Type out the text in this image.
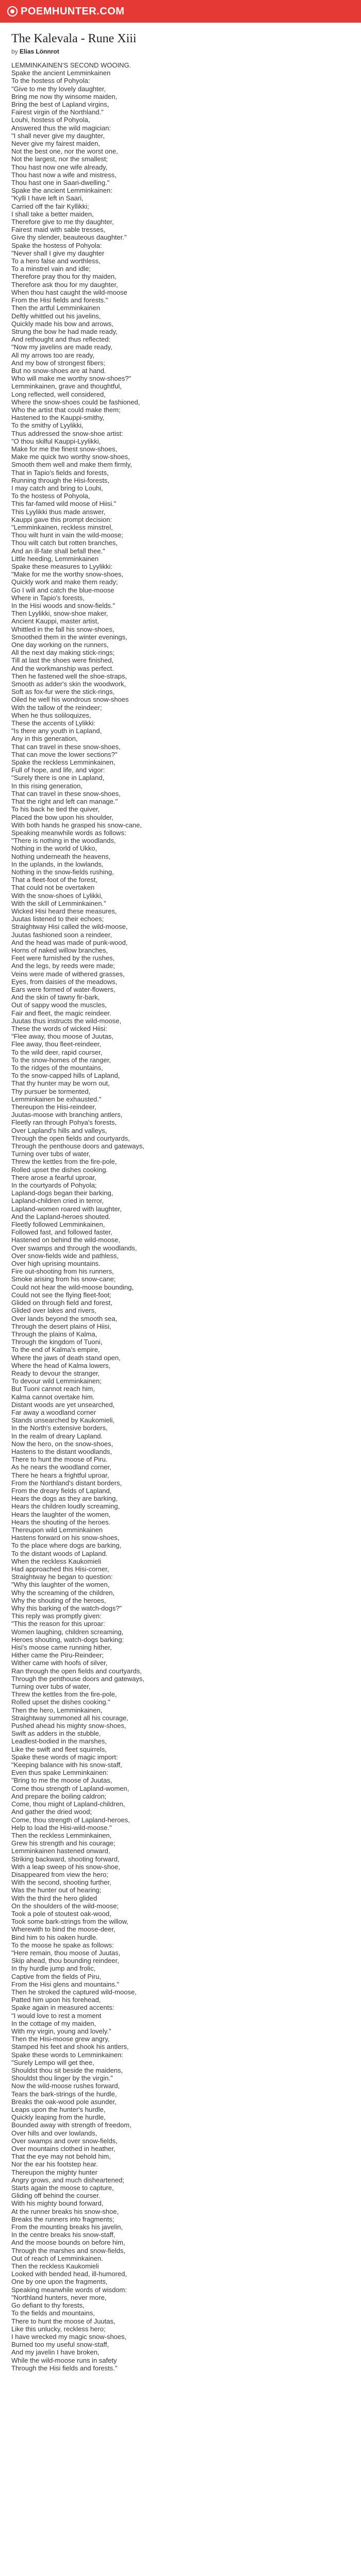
POEMHUNTER.COM
The Kalevala - Rune Xiii
by Elias Lönnrot

LEMMINKAINEN'S SECOND WOOING.
Spake the ancient Lemminkainen
To the hostess of Pohyola:
"Give to me thy lovely daughter,
Bring me now thy winsome maiden,
Bring the best of Lapland virgins,
Fairest virgin of the Northland."
Louhi, hostess of Pohyola,
Answered thus the wild magician:
"I shall never give my daughter,
Never give my fairest maiden,
Not the best one, nor the worst one,
Not the largest, nor the smallest;
Thou hast now one wife already,
Thou hast now a wife and mistress,
Thou hast one in Saari-dwelling."
Spake the ancient Lemminkainen:
"Kylli I have left in Saari,
Carried off the fair Kyllikki;
I shall take a better maiden,
Therefore give to me thy daughter,
Fairest maid with sable tresses,
Give thy slender, beauteous daughter."
Spake the hostess of Pohyola:
"Never shall I give my daughter
To a hero false and worthless,
To a minstrel vain and idle;
Therefore pray thou for thy maiden,
Therefore ask thou for my daughter,
When thou hast caught the wild-moose
From the Hisi fields and forests."
Then the artful Lemminkainen
Deftly whittled out his javelins,
Quickly made his bow and arrows,
Strung the bow he had made ready,
And rethought and thus reflected:
"Now my javelins are made ready,
All my arrows too are ready,
And my bow of strongest fibers;
But no snow-shoes are at hand.
Who will make me worthy snow-shoes?"
Lemminkainen, grave and thoughtful,
Long reflected, well considered,
Where the snow-shoes could be fashioned,
Who the artist that could make them;
Hastened to the Kauppi-smithy,
To the smithy of Lyylikki,
Thus addressed the snow-shoe artist:
"O thou skilful Kauppi-Lyylikki,
Make for me the finest snow-shoes,
Make me quick two worthy snow-shoes,
Smooth them well and make them firmly,
That in Tapio's fields and forests,
Running through the Hisi-forests,
I may catch and bring to Louhi,
To the hostess of Pohyola,
This far-famed wild moose of Hiisi."
This Lyylikki thus made answer,
Kauppi gave this prompt decision:
"Lemminkainen, reckless minstrel,
Thou wilt hunt in vain the wild-moose;
Thou wilt catch but rotten branches,
And an ill-fate shall befall thee."
Little heeding, Lemminkainen
Spake these measures to Lyylikki:
"Make for me the worthy snow-shoes,
Quickly work and make them ready;
Go I will and catch the blue-moose
Where in Tapio's forests,
In the Hisi woods and snow-fields."
Then Lyylikki, snow-shoe maker,
Ancient Kauppi, master artist,
Whittled in the fall his snow-shoes,
Smoothed them in the winter evenings,
One day working on the runners,
All the next day making stick-rings;
Till at last the shoes were finished,
And the workmanship was perfect.
Then he fastened well the shoe-straps,
Smooth as adder's skin the woodwork,
Soft as fox-fur were the stick-rings,
Oiled he well his wondrous snow-shoes
With the tallow of the reindeer;
When he thus soliloquizes,
These the accents of Lylikki:
"Is there any youth in Lapland,
Any in this generation,
That can travel in these snow-shoes,
That can move the lower sections?"
Spake the reckless Lemminkainen,
Full of hope, and life, and vigor:
"Surely there is one in Lapland,
In this rising generation,
That can travel in these snow-shoes,
That the right and left can manage."
To his back he tied the quiver,
Placed the bow upon his shoulder,
With both hands he grasped his snow-cane,
Speaking meanwhile words as follows:
"There is nothing in the woodlands,
Nothing in the world of Ukko,
Nothing underneath the heavens,
In the uplands, in the lowlands,
Nothing in the snow-fields rushing,
That a fleet-foot of the forest,
That could not be overtaken
With the snow-shoes of Lylikki,
With the skill of Lemminkainen."
Wicked Hisi heard these measures,
Juutas listened to their echoes;
Straightway Hisi called the wild-moose,
Juutas fashioned soon a reindeer,
And the head was made of punk-wood,
Horns of naked willow branches,
Feet were furnished by the rushes,
And the legs, by reeds were made;
Veins were made of withered grasses,
Eyes, from daisies of the meadows,
Ears were formed of water-flowers,
And the skin of tawny fir-bark,
Out of sappy wood the muscles,
Fair and fleet, the magic reindeer.
Juutas thus instructs the wild-moose,
These the words of wicked Hiisi:
"Flee away, thou moose of Juutas,
Flee away, thou fleet-reindeer,
To the wild deer, rapid courser,
To the snow-homes of the ranger,
To the ridges of the mountains,
To the snow-capped hills of Lapland,
That thy hunter may be worn out,
Thy pursuer be tormented,
Lemminkainen be exhausted."
Thereupon the Hisi-reindeer,
Juutas-moose with branching antlers,
Fleetly ran through Pohya's forests,
Over Lapland's hills and valleys,
Through the open fields and courtyards,
Through the penthouse doors and gateways,
Turning over tubs of water,
Threw the kettles from the fire-pole,
Rolled upset the dishes cooking.
There arose a fearful uproar,
In the courtyards of Pohyola;
Lapland-dogs began their barking,
Lapland-children cried in terror,
Lapland-women roared with laughter,
And the Lapland-heroes shouted.
Fleetly followed Lemminkainen,
Followed fast, and followed faster,
Hastened on behind the wild-moose,
Over swamps and through the woodlands,
Over snow-fields wide and pathless,
Over high uprising mountains.
Fire out-shooting from his runners,
Smoke arising from his snow-cane;
Could not hear the wild-moose bounding,
Could not see the flying fleet-foot;
Glided on through field and forest,
Glided over lakes and rivers,
Over lands beyond the smooth sea,
Through the desert plains of Hiisi,
Through the plains of Kalma,
Through the kingdom of Tuoni,
To the end of Kalma's empire,
Where the jaws of death stand open,
Where the head of Kalma lowers,
Ready to devour the stranger,
To devour wild Lemminkainen;
But Tuoni cannot reach him,
Kalma cannot overtake him.
Distant woods are yet unsearched,
Far away a woodland corner
Stands unsearched by Kaukomieli,
In the North's extensive borders,
In the realm of dreary Lapland.
Now the hero, on the snow-shoes,
Hastens to the distant woodlands,
There to hunt the moose of Piru.
As he nears the woodland corner,
There he hears a frightful uproar,
From the Northland's distant borders,
From the dreary fields of Lapland,
Hears the dogs as they are barking,
Hears the children loudly screaming,
Hears the laughter of the women,
Hears the shouting of the heroes.
Thereupon wild Lemminkainen
Hastens forward on his snow-shoes,
To the place where dogs are barking,
To the distant woods of Lapland.
When the reckless Kaukomieli
Had approached this Hisi-corner,
Straightway he began to question:
"Why this laughter of the women,
Why the screaming of the children,
Why the shouting of the heroes,
Why this barking of the watch-dogs?"
This reply was promptly given:
"This the reason for this uproar:
Women laughing, children screaming,
Heroes shouting, watch-dogs barking:
Hisi's moose came running hither,
Hither came the Piru-Reindeer;
Wither came with hoofs of silver,
Ran through the open fields and courtyards,
Through the penthouse doors and gateways,
Turning over tubs of water,
Threw the kettles from the fire-pole,
Rolled upset the dishes cooking."
Then the hero, Lemminkainen,
Straightway summoned all his courage,
Pushed ahead his mighty snow-shoes,
Swift as adders in the stubble,
Leadlest-bodied in the marshes,
Like the swift and fleet squirrels,
Spake these words of magic import:
"Keeping balance with his snow-staff,
Even thus spake Lemminkainen:
"Bring to me the moose of Juutas,
Come thou strength of Lapland-women,
And prepare the boiling caldron;
Come, thou might of Lapland-children,
And gather the dried wood;
Come, thou strength of Lapland-heroes,
Help to load the Hisi-wild-moose."
Then the reckless Lemminkainen,
Grew his strength and his courage;
Lemminkainen hastened onward,
Striking backward, shooting forward,
With a leap sweep of his snow-shoe,
Disappeared from view the hero;
With the second, shooting further,
Was the hunter out of hearing;
With the third the hero glided
On the shoulders of the wild-moose;
Took a pole of stoutest oak-wood,
Took some bark-strings from the willow,
Wherewith to bind the moose-deer,
Bind him to his oaken hurdle.
To the moose he spake as follows:
"Here remain, thou moose of Juutas,
Skip ahead, thou bounding reindeer,
In thy hurdle jump and frolic,
Captive from the fields of Piru,
From the Hisi glens and mountains."
Then he stroked the captured wild-moose,
Patted him upon his forehead,
Spake again in measured accents:
"I would love to rest a moment
In the cottage of my maiden,
With my virgin, young and lovely."
Then the Hisi-moose grew angry,
Stamped his feet and shook his antlers,
Spake these words to Lemminkainen:
"Surely Lempo will get thee,
Shouldst thou sit beside the maidens,
Shouldst thou linger by the virgin."
Now the wild-moose rushes forward,
Tears the bark-strings of the hurdle,
Breaks the oak-wood pole asunder,
Leaps upon the hunter's hurdle,
Quickly leaping from the hurdle,
Bounded away with strength of freedom,
Over hills and over lowlands,
Over swamps and over snow-fields,
Over mountains clothed in heather,
That the eye may not behold him,
Nor the ear his footstep hear.
Thereupon the mighty hunter
Angry grows, and much disheartened;
Starts again the moose to capture,
Gliding off behind the courser.
With his mighty bound forward,
At the runner breaks his snow-shoe,
Breaks the runners into fragments;
From the mounting breaks his javelin,
In the centre breaks his snow-staff,
And the moose bounds on before him,
Through the marshes and snow-fields,
Out of reach of Lemminkainen.
Then the reckless Kaukomieli
Looked with bended head, ill-humored,
One by one upon the fragments,
Speaking meanwhile words of wisdom:
"Northland hunters, never more,
Go defiant to thy forests,
To the fields and mountains,
There to hunt the moose of Juutas,
Like this unlucky, reckless hero;
I have wrecked my magic snow-shoes,
Burned too my useful snow-staff,
And my javelin I have broken,
While the wild-moose runs in safety
Through the Hisi fields and forests."
